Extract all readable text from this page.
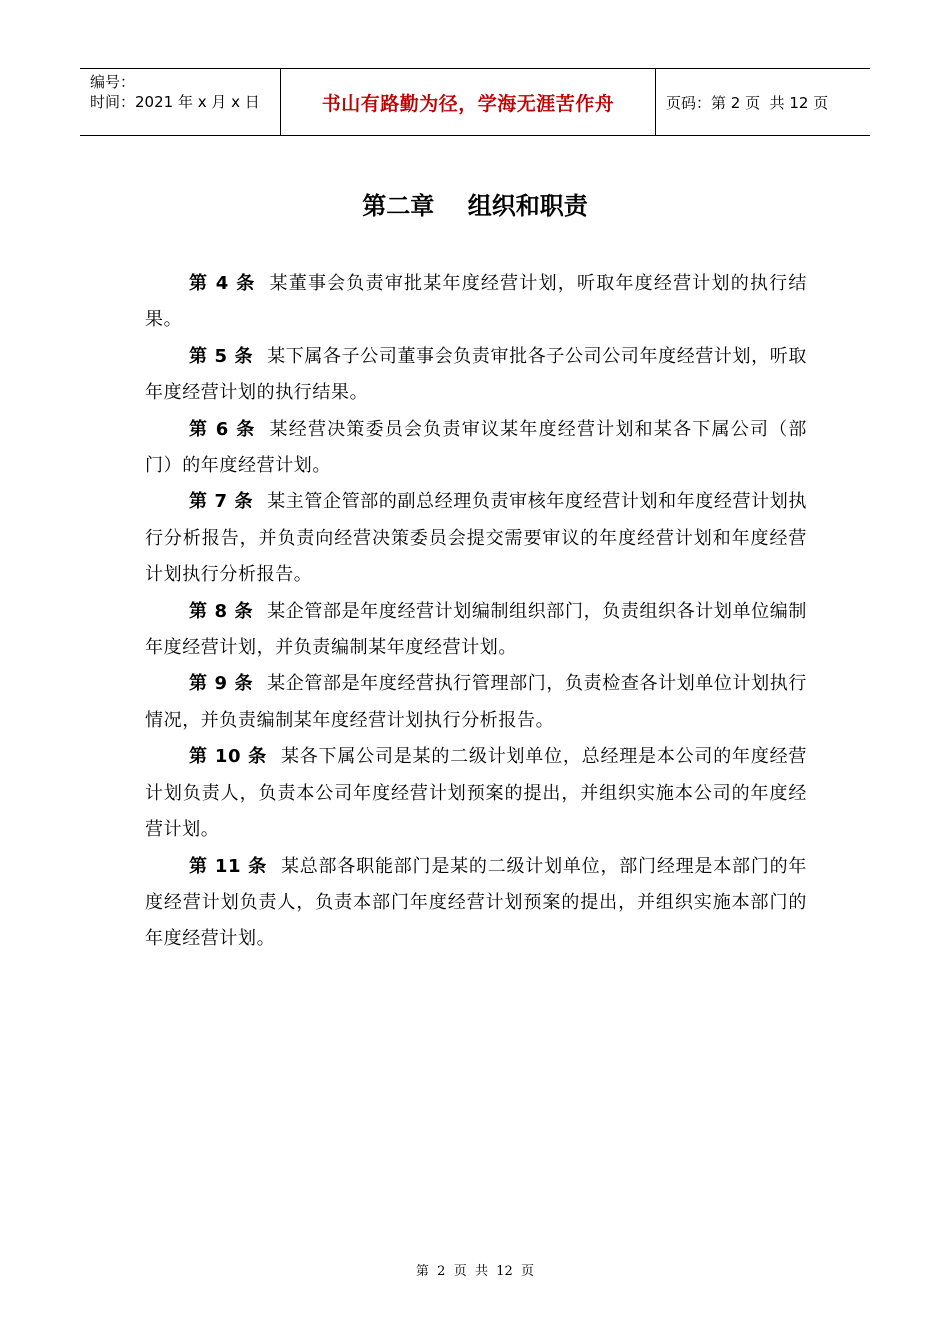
编号：
时间：2021 年 x 月 x 日	书山有路勤为径，学海无涯苦作舟	页码：第 2 页  共 12 页
第二章    组织和职责

第 4 条 某董事会负责审批某年度经营计划，听取年度经营计划的执行结果。

第 5 条 某下属各子公司董事会负责审批各子公司公司年度经营计划，听取年度经营计划的执行结果。

第 6 条 某经营决策委员会负责审议某年度经营计划和某各下属公司（部门）的年度经营计划。

第 7 条 某主管企管部的副总经理负责审核年度经营计划和年度经营计划执行分析报告，并负责向经营决策委员会提交需要审议的年度经营计划和年度经营计划执行分析报告。

第 8 条 某企管部是年度经营计划编制组织部门，负责组织各计划单位编制年度经营计划，并负责编制某年度经营计划。

第 9 条 某企管部是年度经营执行管理部门，负责检查各计划单位计划执行情况，并负责编制某年度经营计划执行分析报告。

第 10 条 某各下属公司是某的二级计划单位，总经理是本公司的年度经营计划负责人，负责本公司年度经营计划预案的提出，并组织实施本公司的年度经营计划。

第 11 条 某总部各职能部门是某的二级计划单位，部门经理是本部门的年度经营计划负责人，负责本部门年度经营计划预案的提出，并组织实施本部门的年度经营计划。

第  2  页  共  12  页
